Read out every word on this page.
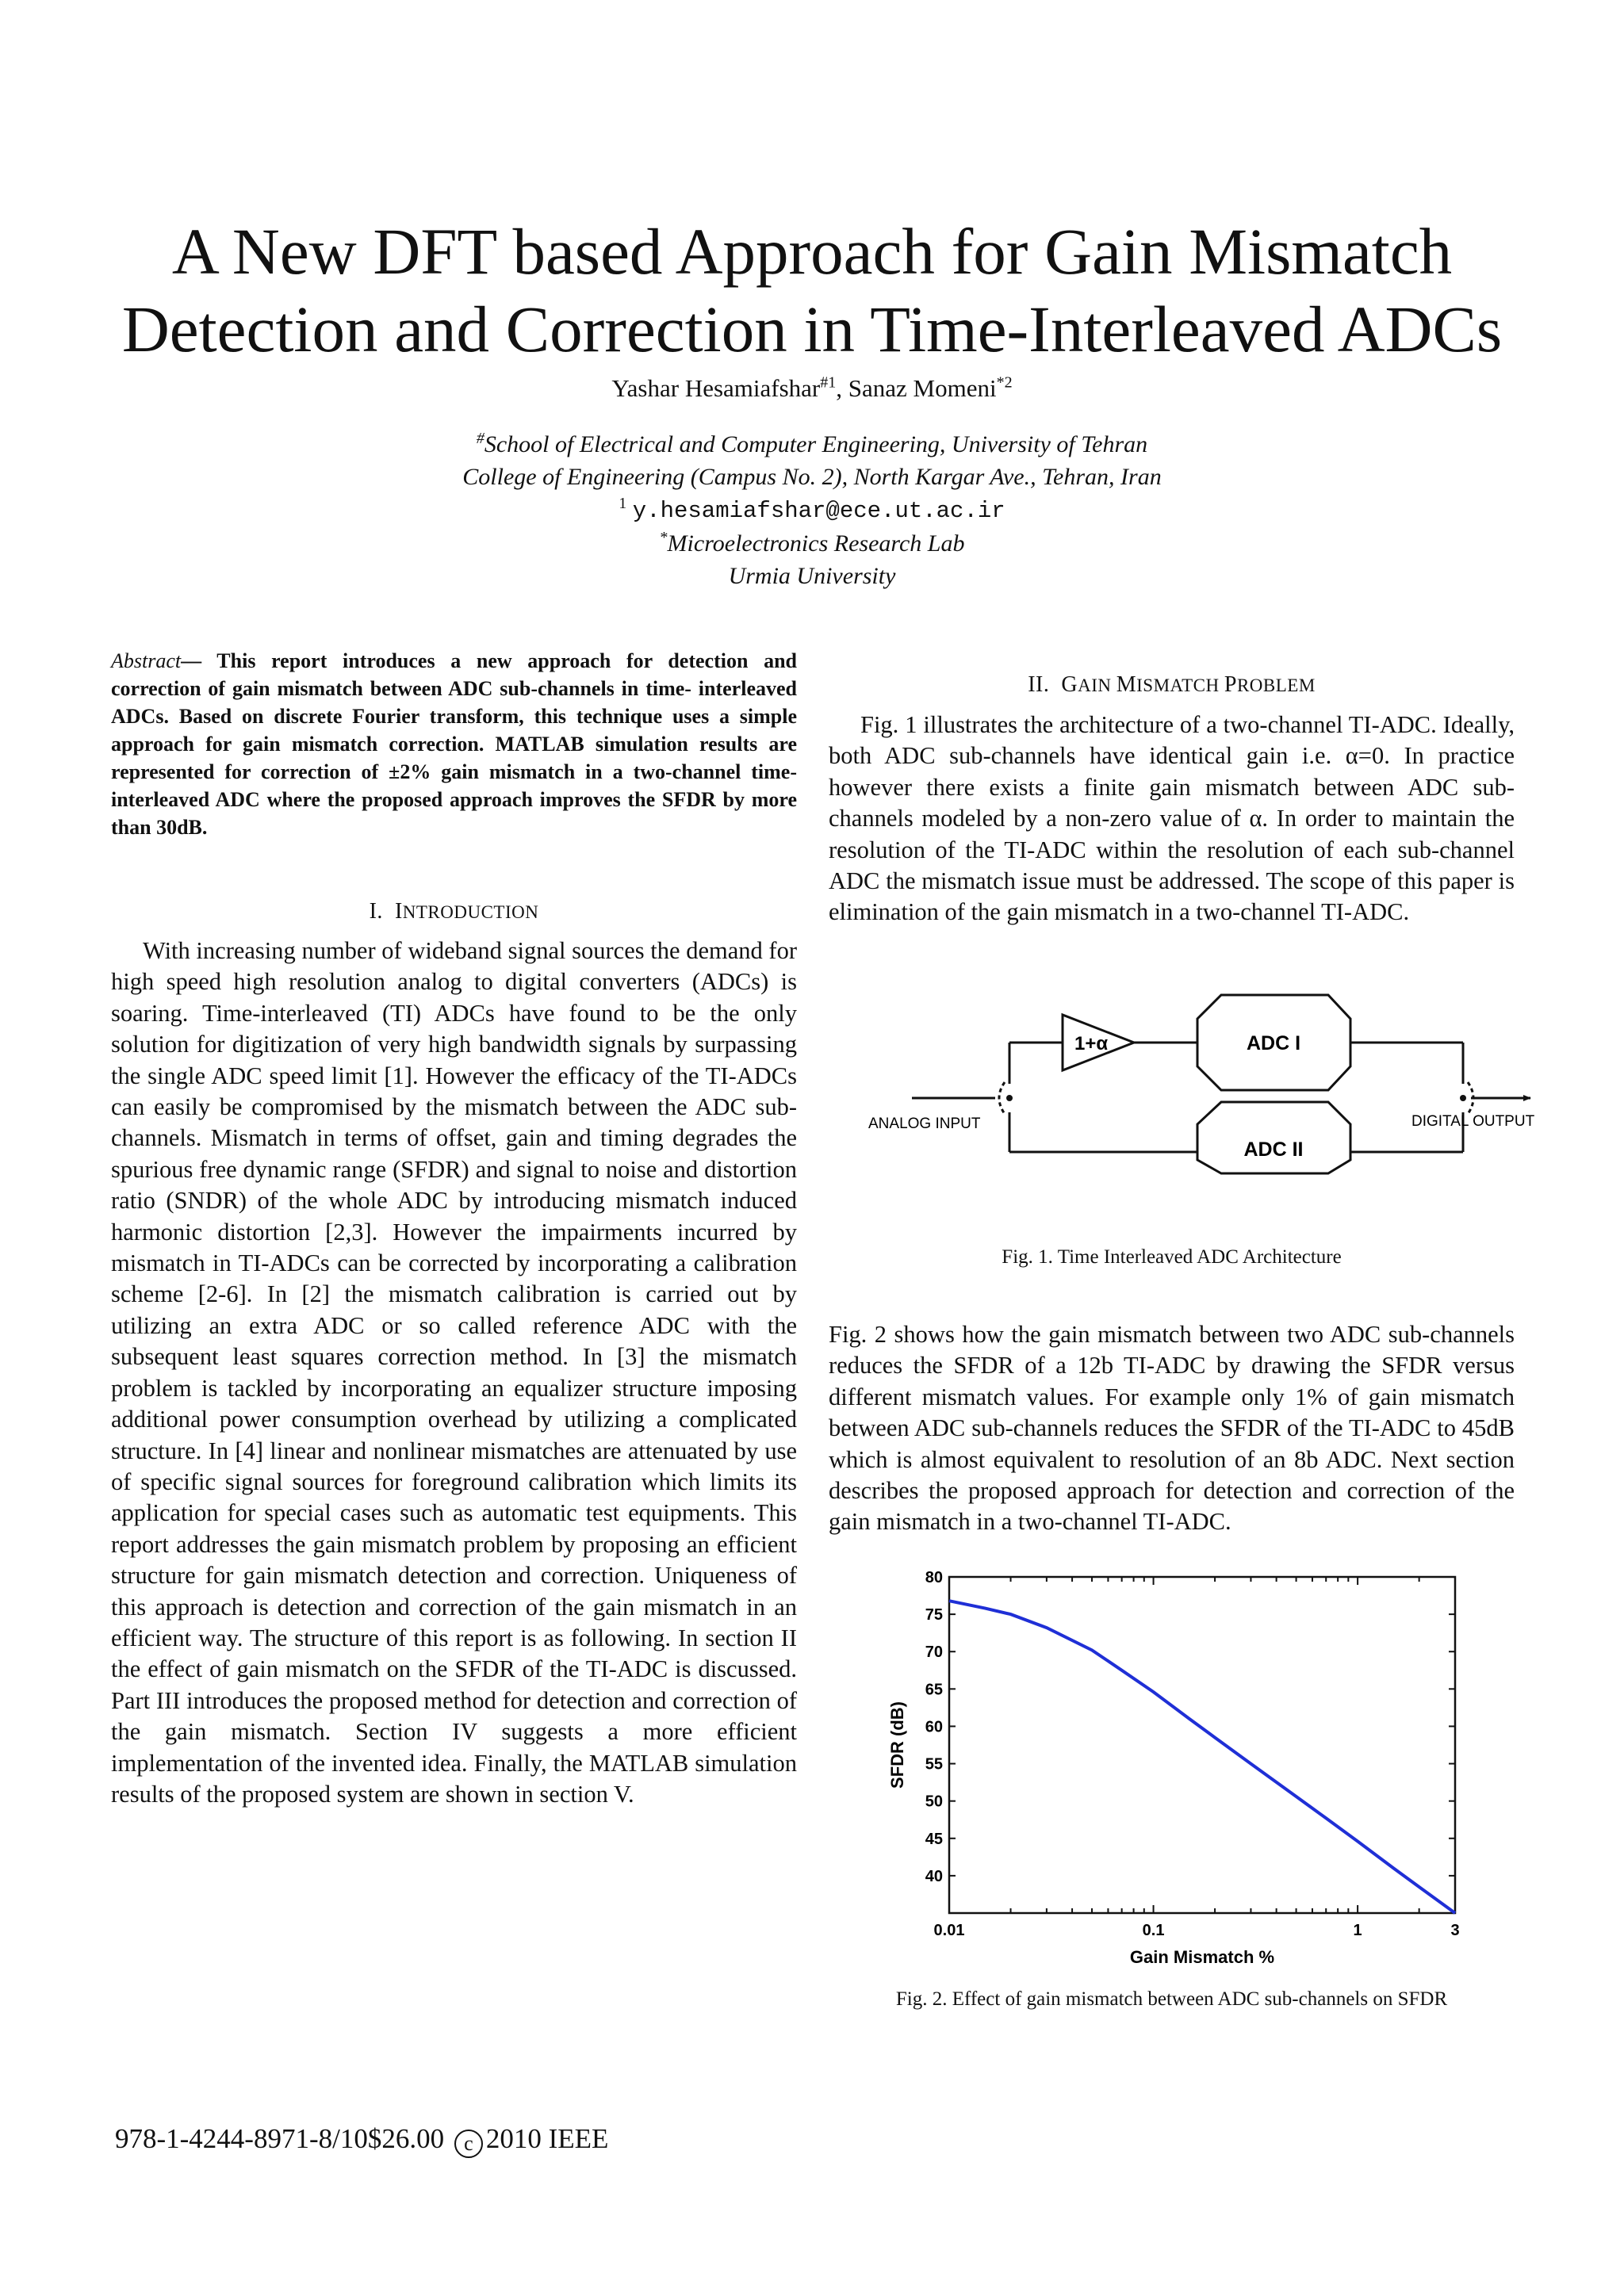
A New DFT based Approach for Gain Mismatch
Detection and Correction in Time-Interleaved ADCs
Yashar Hesamiafshar$^{\#1}$, Sanaz Momeni$^{*2}$
#School of Electrical and Computer Engineering, University of Tehran
College of Engineering (Campus No. 2), North Kargar Ave., Tehran, Iran
$^1$ y.hesamiafshar@ece.ut.ac.ir
*Microelectronics Research Lab
Urmia University
Abstract— This report introduces a new approach for detection and correction of gain mismatch between ADC sub-channels in time- interleaved ADCs. Based on discrete Fourier transform, this technique uses a simple approach for gain mismatch correction. MATLAB simulation results are represented for correction of ±2% gain mismatch in a two-channel time-interleaved ADC where the proposed approach improves the SFDR by more than 30dB.
I.  INTRODUCTION
With increasing number of wideband signal sources the demand for high speed high resolution analog to digital converters (ADCs) is soaring. Time-interleaved (TI) ADCs have found to be the only solution for digitization of very high bandwidth signals by surpassing the single ADC speed limit [1]. However the efficacy of the TI-ADCs can easily be compromised by the mismatch between the ADC sub-channels. Mismatch in terms of offset, gain and timing degrades the spurious free dynamic range (SFDR) and signal to noise and distortion ratio (SNDR) of the whole ADC by introducing mismatch induced harmonic distortion [2,3]. However the impairments incurred by mismatch in TI-ADCs can be corrected by incorporating a calibration scheme [2-6]. In [2] the mismatch calibration is carried out by utilizing an extra ADC or so called reference ADC with the subsequent least squares correction method. In [3] the mismatch problem is tackled by incorporating an equalizer structure imposing additional power consumption overhead by utilizing a complicated structure. In [4] linear and nonlinear mismatches are attenuated by use of specific signal sources for foreground calibration which limits its application for special cases such as automatic test equipments. This report addresses the gain mismatch problem by proposing an efficient structure for gain mismatch detection and correction. Uniqueness of this approach is detection and correction of the gain mismatch in an efficient way. The structure of this report is as following. In section II the effect of gain mismatch on the SFDR of the TI-ADC is discussed. Part III introduces the proposed method for detection and correction of the gain mismatch. Section IV suggests a more efficient implementation of the invented idea. Finally, the MATLAB simulation results of the proposed system are shown in section V.
II.  GAIN MISMATCH PROBLEM
Fig. 1 illustrates the architecture of a two-channel TI-ADC. Ideally, both ADC sub-channels have identical gain i.e. α=0. In practice however there exists a finite gain mismatch between ADC sub-channels modeled by a non-zero value of α. In order to maintain the resolution of the TI-ADC within the resolution of each sub-channel ADC the mismatch issue must be addressed. The scope of this paper is elimination of the gain mismatch in a two-channel TI-ADC.
1+α	ADC I
ADC II
ANALOG INPUT	DIGITAL OUTPUT
Fig. 1. Time Interleaved ADC Architecture
Fig. 2 shows how the gain mismatch between two ADC sub-channels reduces the SFDR of a 12b TI-ADC by drawing the SFDR versus different mismatch values. For example only 1% of gain mismatch between ADC sub-channels reduces the SFDR of the TI-ADC to 45dB which is almost equivalent to resolution of an 8b ADC. Next section describes the proposed approach for detection and correction of the gain mismatch in a two-channel TI-ADC.
40
45
50
55
60
65
70
75
80
0.01	0.1	1	3
Gain Mismatch %
SFDR (dB)
Fig. 2. Effect of gain mismatch between ADC sub-channels on SFDR
978-1-4244-8971-8/10$26.00 c 2010 IEEE
